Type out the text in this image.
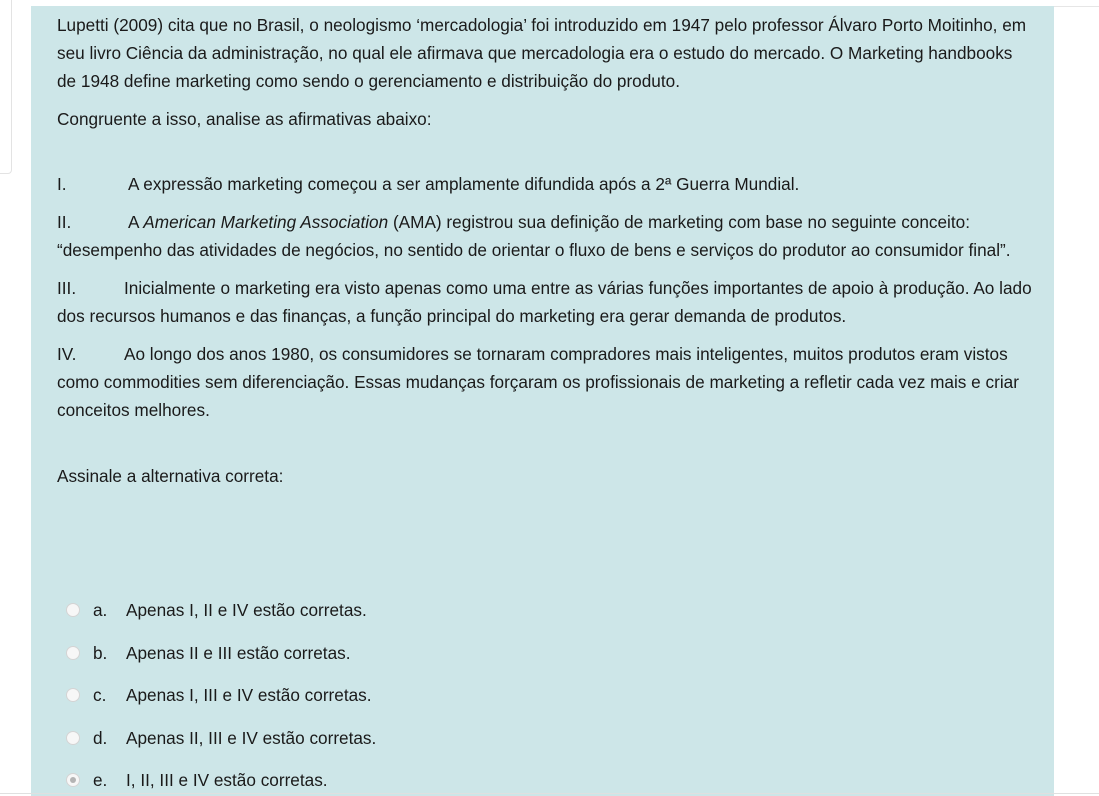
Lupetti (2009) cita que no Brasil, o neologismo ‘mercadologia’ foi introduzido em 1947 pelo professor Álvaro Porto Moitinho, em seu livro Ciência da administração, no qual ele afirmava que mercadologia era o estudo do mercado. O Marketing handbooks de 1948 define marketing como sendo o gerenciamento e distribuição do produto.

Congruente a isso, analise as afirmativas abaixo:

I.	A expressão marketing começou a ser amplamente difundida após a 2ª Guerra Mundial.

II.	A American Marketing Association (AMA) registrou sua definição de marketing com base no seguinte conceito: “desempenho das atividades de negócios, no sentido de orientar o fluxo de bens e serviços do produtor ao consumidor final”.

III.	Inicialmente o marketing era visto apenas como uma entre as várias funções importantes de apoio à produção. Ao lado dos recursos humanos e das finanças, a função principal do marketing era gerar demanda de produtos.

IV.	Ao longo dos anos 1980, os consumidores se tornaram compradores mais inteligentes, muitos produtos eram vistos como commodities sem diferenciação. Essas mudanças forçaram os profissionais de marketing a refletir cada vez mais e criar conceitos melhores.

Assinale a alternativa correta:

a.	Apenas I, II e IV estão corretas.
b.	Apenas II e III estão corretas.
c.	Apenas I, III e IV estão corretas.
d.	Apenas II, III e IV estão corretas.
e.	I, II, III e IV estão corretas.
